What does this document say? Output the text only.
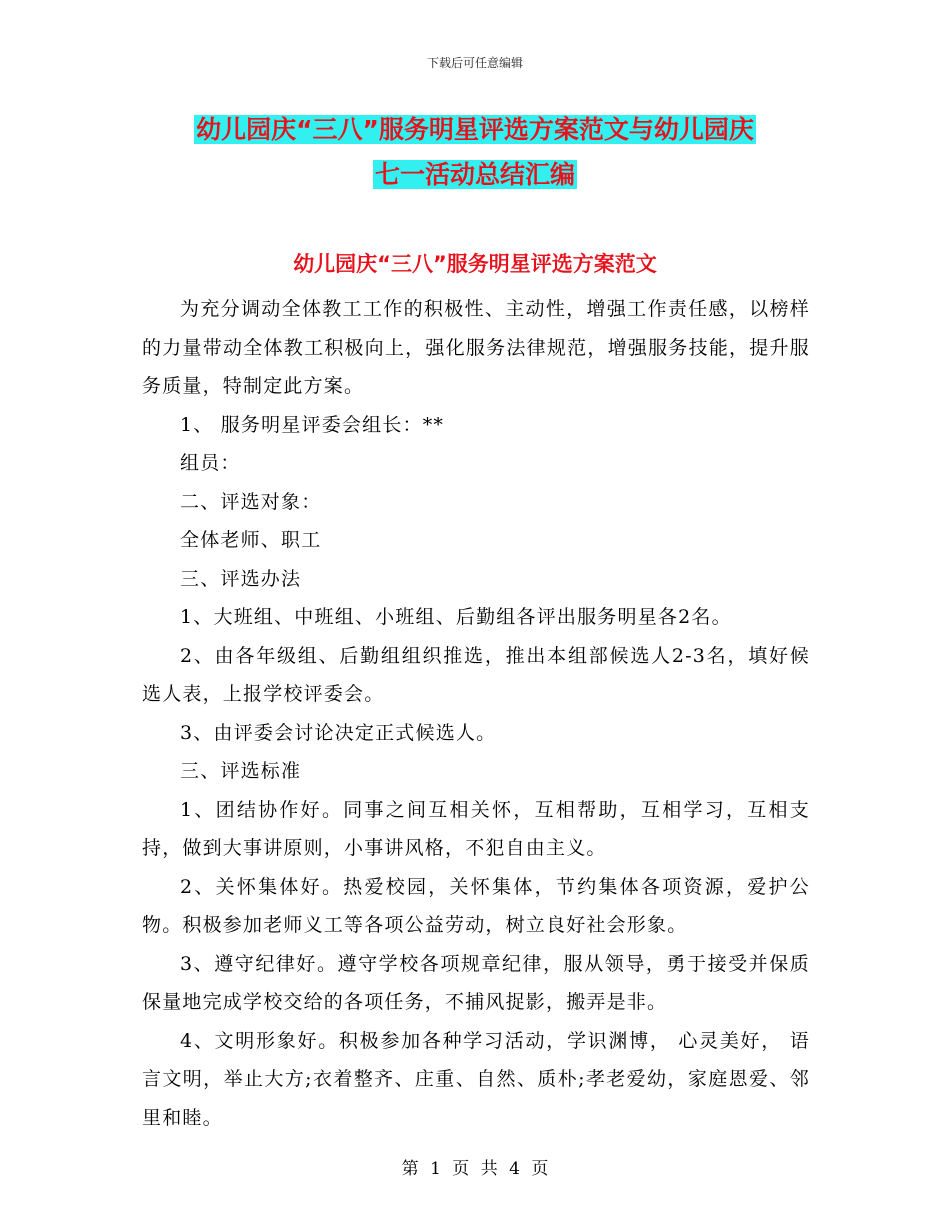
下载后可任意编辑
幼儿园庆“三八”服务明星评选方案范文与幼儿园庆
七一活动总结汇编
幼儿园庆“三八”服务明星评选方案范文

为充分调动全体教工工作的积极性、主动性，增强工作责任感，以榜样的力量带动全体教工积极向上，强化服务法律规范，增强服务技能，提升服务质量，特制定此方案。

1、 服务明星评委会组长：**

组员：

二、评选对象：

全体老师、职工

三、评选办法

1、大班组、中班组、小班组、后勤组各评出服务明星各2名。

2、由各年级组、后勤组组织推选，推出本组部候选人2-3名，填好候选人表，上报学校评委会。

3、由评委会讨论决定正式候选人。

三、评选标准

1、团结协作好。同事之间互相关怀，互相帮助，互相学习，互相支持，做到大事讲原则，小事讲风格，不犯自由主义。

2、关怀集体好。热爱校园，关怀集体，节约集体各项资源，爱护公物。积极参加老师义工等各项公益劳动，树立良好社会形象。

3、遵守纪律好。遵守学校各项规章纪律，服从领导，勇于接受并保质保量地完成学校交给的各项任务，不捕风捉影，搬弄是非。

4、文明形象好。积极参加各种学习活动，学识渊博， 心灵美好， 语言文明，举止大方;衣着整齐、庄重、自然、质朴;孝老爱幼，家庭恩爱、邻里和睦。

第 1 页 共 4 页
